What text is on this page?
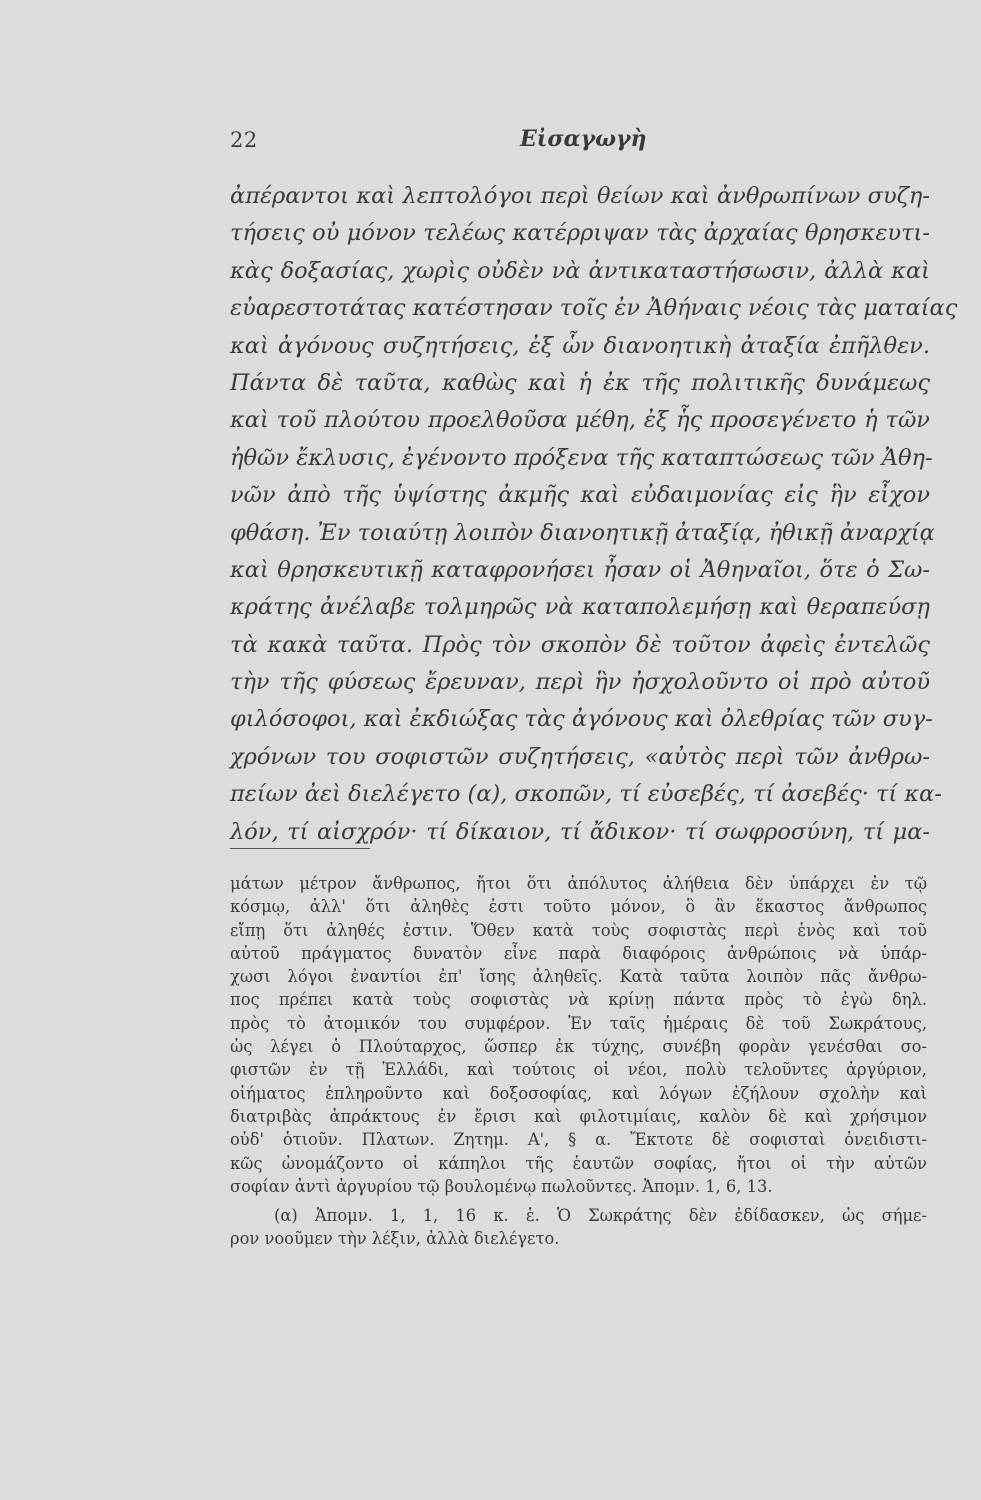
22	Εἰσαγωγὴ
ἀπέραντοι καὶ λεπτολόγοι περὶ θείων καὶ ἀνθρωπίνων συζη-
τήσεις οὐ μόνον τελέως κατέρριψαν τὰς ἀρχαίας θρησκευτι-
κὰς δοξασίας, χωρὶς οὐδὲν νὰ ἀντικαταστήσωσιν, ἀλλὰ καὶ
εὐαρεστοτάτας κατέστησαν τοῖς ἐν Ἀθήναις νέοις τὰς ματαίας
καὶ ἀγόνους συζητήσεις, ἐξ ὧν διανοητικὴ ἀταξία ἐπῆλθεν.
Πάντα δὲ ταῦτα, καθὼς καὶ ἡ ἐκ τῆς πολιτικῆς δυνάμεως
καὶ τοῦ πλούτου προελθοῦσα μέθη, ἐξ ἧς προσεγένετο ἡ τῶν
ἠθῶν ἔκλυσις, ἐγένοντο πρόξενα τῆς καταπτώσεως τῶν Ἀθη-
νῶν ἀπὸ τῆς ὑψίστης ἀκμῆς καὶ εὐδαιμονίας εἰς ἣν εἶχον
φθάση. Ἐν τοιαύτῃ λοιπὸν διανοητικῇ ἀταξίᾳ, ἠθικῇ ἀναρχίᾳ
καὶ θρησκευτικῇ καταφρονήσει ἦσαν οἱ Ἀθηναῖοι, ὅτε ὁ Σω-
κράτης ἀνέλαβε τολμηρῶς νὰ καταπολεμήσῃ καὶ θεραπεύσῃ
τὰ κακὰ ταῦτα. Πρὸς τὸν σκοπὸν δὲ τοῦτον ἀφεὶς ἐντελῶς
τὴν τῆς φύσεως ἔρευναν, περὶ ἣν ἠσχολοῦντο οἱ πρὸ αὐτοῦ
φιλόσοφοι, καὶ ἐκδιώξας τὰς ἀγόνους καὶ ὀλεθρίας τῶν συγ-
χρόνων του σοφιστῶν συζητήσεις, «αὐτὸς περὶ τῶν ἀνθρω-
πείων ἀεὶ διελέγετο (α), σκοπῶν, τί εὐσεβές, τί ἀσεβές· τί κα-
λόν, τί αἰσχρόν· τί δίκαιον, τί ἄδικον· τί σωφροσύνη, τί μα-
μάτων μέτρον ἄνθρωπος, ἤτοι ὅτι ἀπόλυτος ἀλήθεια δὲν ὑπάρχει ἐν τῷ
κόσμῳ, ἀλλ' ὅτι ἀληθὲς ἐστι τοῦτο μόνον, ὃ ἂν ἕκαστος ἄνθρωπος
εἴπῃ ὅτι ἀληθές ἐστιν. Ὅθεν κατὰ τοὺς σοφιστὰς περὶ ἑνὸς καὶ τοῦ
αὐτοῦ πράγματος δυνατὸν εἶνε παρὰ διαφόροις ἀνθρώποις νὰ ὑπάρ-
χωσι λόγοι ἐναντίοι ἐπ' ἴσης ἀληθεῖς. Κατὰ ταῦτα λοιπὸν πᾶς ἄνθρω-
πος πρέπει κατὰ τοὺς σοφιστὰς νὰ κρίνῃ πάντα πρὸς τὸ ἐγὼ δηλ.
πρὸς τὸ ἀτομικόν του συμφέρον. Ἐν ταῖς ἡμέραις δὲ τοῦ Σωκράτους,
ὡς λέγει ὁ Πλούταρχος, ὥσπερ ἐκ τύχης, συνέβη φορὰν γενέσθαι σο-
φιστῶν ἐν τῇ Ἑλλάδι, καὶ τούτοις οἱ νέοι, πολὺ τελοῦντες ἀργύριον,
οἰήματος ἐπληροῦντο καὶ δοξοσοφίας, καὶ λόγων ἐζήλουν σχολὴν καὶ
διατριβὰς ἀπράκτους ἐν ἔρισι καὶ φιλοτιμίαις, καλὸν δὲ καὶ χρήσιμον
οὐδ' ὁτιοῦν. Πλατων. Ζητημ. Α', § α. Ἔκτοτε δὲ σοφισταὶ ὀνειδιστι-
κῶς ὠνομάζοντο οἱ κάπηλοι τῆς ἑαυτῶν σοφίας, ἤτοι οἱ τὴν αὐτῶν
σοφίαν ἀντὶ ἀργυρίου τῷ βουλομένῳ πωλοῦντες. Ἀπομν. 1, 6, 13.
(α) Ἀπομν. 1, 1, 16 κ. ἑ. Ὁ Σωκράτης δὲν ἐδίδασκεν, ὡς σήμε-
ρον νοοῦμεν τὴν λέξιν, ἀλλὰ διελέγετο.
